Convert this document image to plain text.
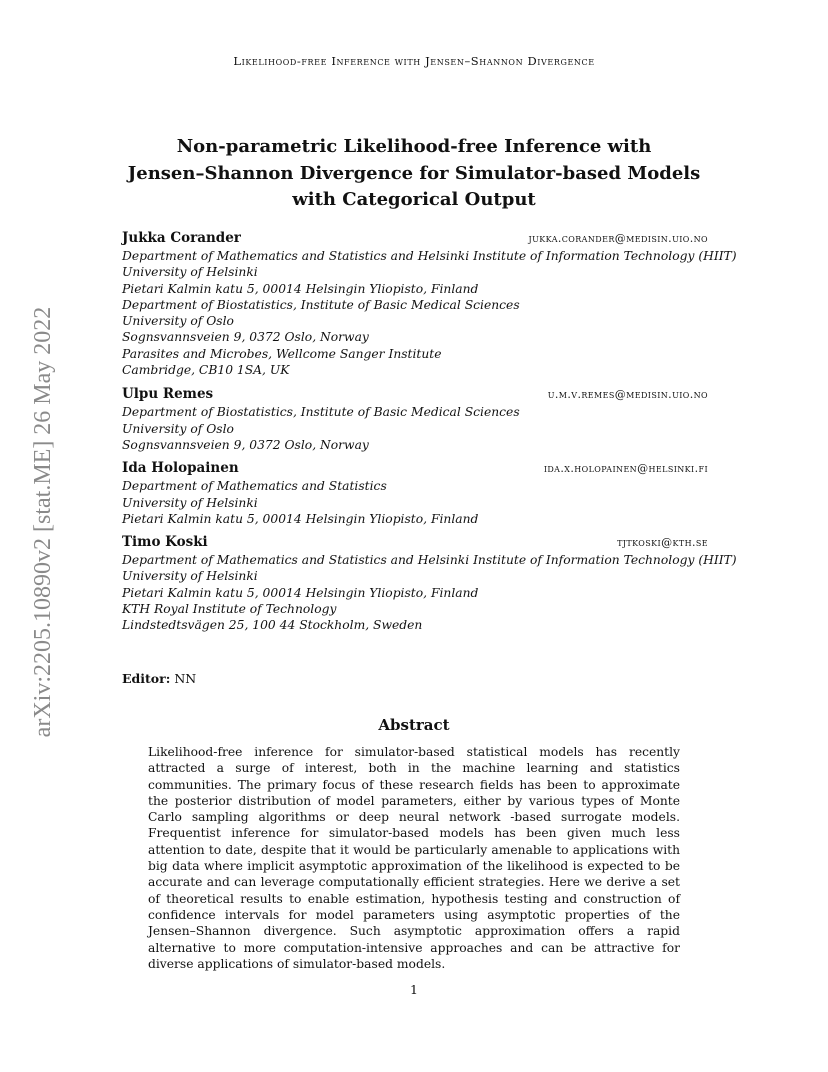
Likelihood-free Inference with Jensen–Shannon Divergence
arXiv:2205.10890v2 [stat.ME] 26 May 2022
Non-parametric Likelihood-free Inference with
Jensen–Shannon Divergence for Simulator-based Models
with Categorical Output
Jukka Corander	jukka.corander@medisin.uio.no
Department of Mathematics and Statistics and Helsinki Institute of Information Technology (HIIT)
University of Helsinki
Pietari Kalmin katu 5, 00014 Helsingin Yliopisto, Finland
Department of Biostatistics, Institute of Basic Medical Sciences
University of Oslo
Sognsvannsveien 9, 0372 Oslo, Norway
Parasites and Microbes, Wellcome Sanger Institute
Cambridge, CB10 1SA, UK
Ulpu Remes	u.m.v.remes@medisin.uio.no
Department of Biostatistics, Institute of Basic Medical Sciences
University of Oslo
Sognsvannsveien 9, 0372 Oslo, Norway
Ida Holopainen	ida.x.holopainen@helsinki.fi
Department of Mathematics and Statistics
University of Helsinki
Pietari Kalmin katu 5, 00014 Helsingin Yliopisto, Finland
Timo Koski	tjtkoski@kth.se
Department of Mathematics and Statistics and Helsinki Institute of Information Technology (HIIT)
University of Helsinki
Pietari Kalmin katu 5, 00014 Helsingin Yliopisto, Finland
KTH Royal Institute of Technology
Lindstedtsvägen 25, 100 44 Stockholm, Sweden
Editor: NN
Abstract
Likelihood-free inference for simulator-based statistical models has recently attracted a surge of interest, both in the machine learning and statistics communities. The primary focus of these research fields has been to approximate the posterior distribution of model parameters, either by various types of Monte Carlo sampling algorithms or deep neural network -based surrogate models. Frequentist inference for simulator-based models has been given much less attention to date, despite that it would be particularly amenable to applications with big data where implicit asymptotic approximation of the likelihood is expected to be accurate and can leverage computationally efficient strategies. Here we derive a set of theoretical results to enable estimation, hypothesis testing and construction of confidence intervals for model parameters using asymptotic properties of the Jensen–Shannon divergence. Such asymptotic approximation offers a rapid alternative to more computation-intensive approaches and can be attractive for diverse applications of simulator-based models.
1
